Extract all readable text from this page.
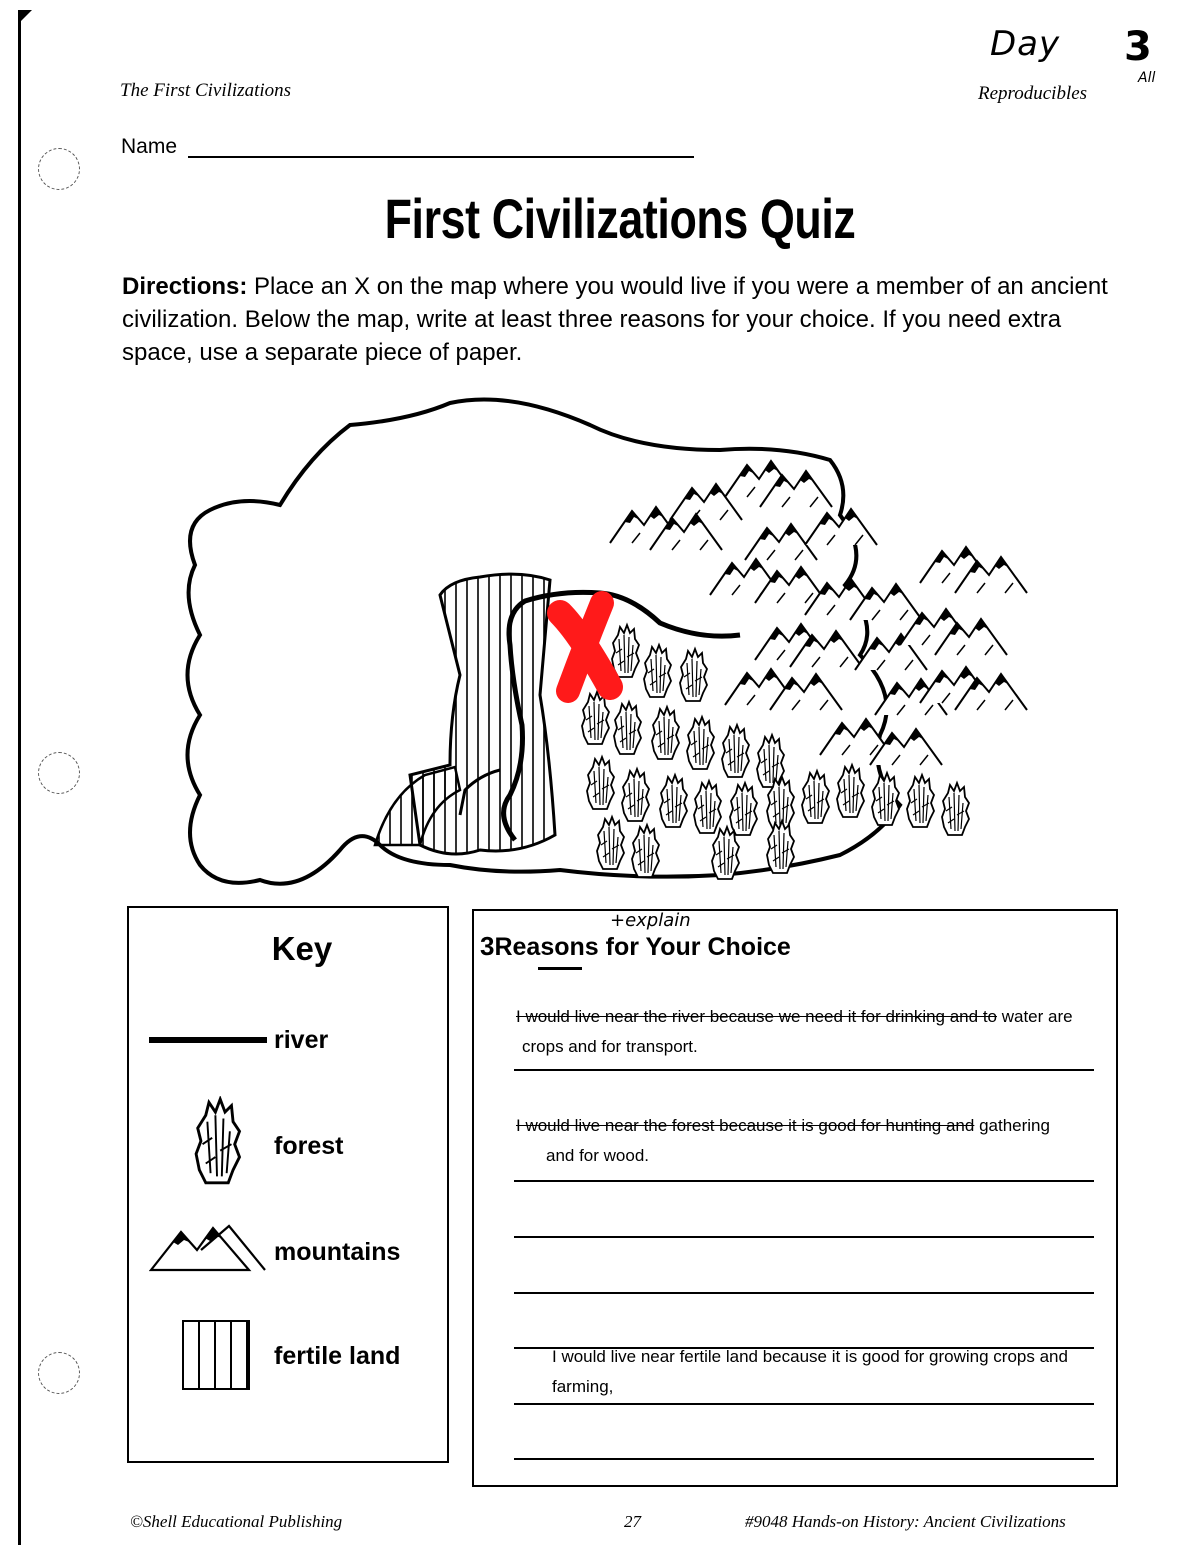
The First Civilizations	Reproducibles
Day 3
All
Name
First Civilizations Quiz
Directions: Place an X on the map where you would live if you were a member of an ancient civilization. Below the map, write at least three reasons for your choice. If you need extra space, use a separate piece of paper.
Key
river
forest
mountains
fertile land
+explain
3Reasons for Your Choice
I would live near the river because we need it for drinking and to water are
crops and for transport.
I would live near the forest because it is good for hunting and gathering
and for wood.
I would live near fertile land because it is good for growing crops and
farming,
©Shell Educational Publishing	27	#9048 Hands-on History: Ancient Civilizations
